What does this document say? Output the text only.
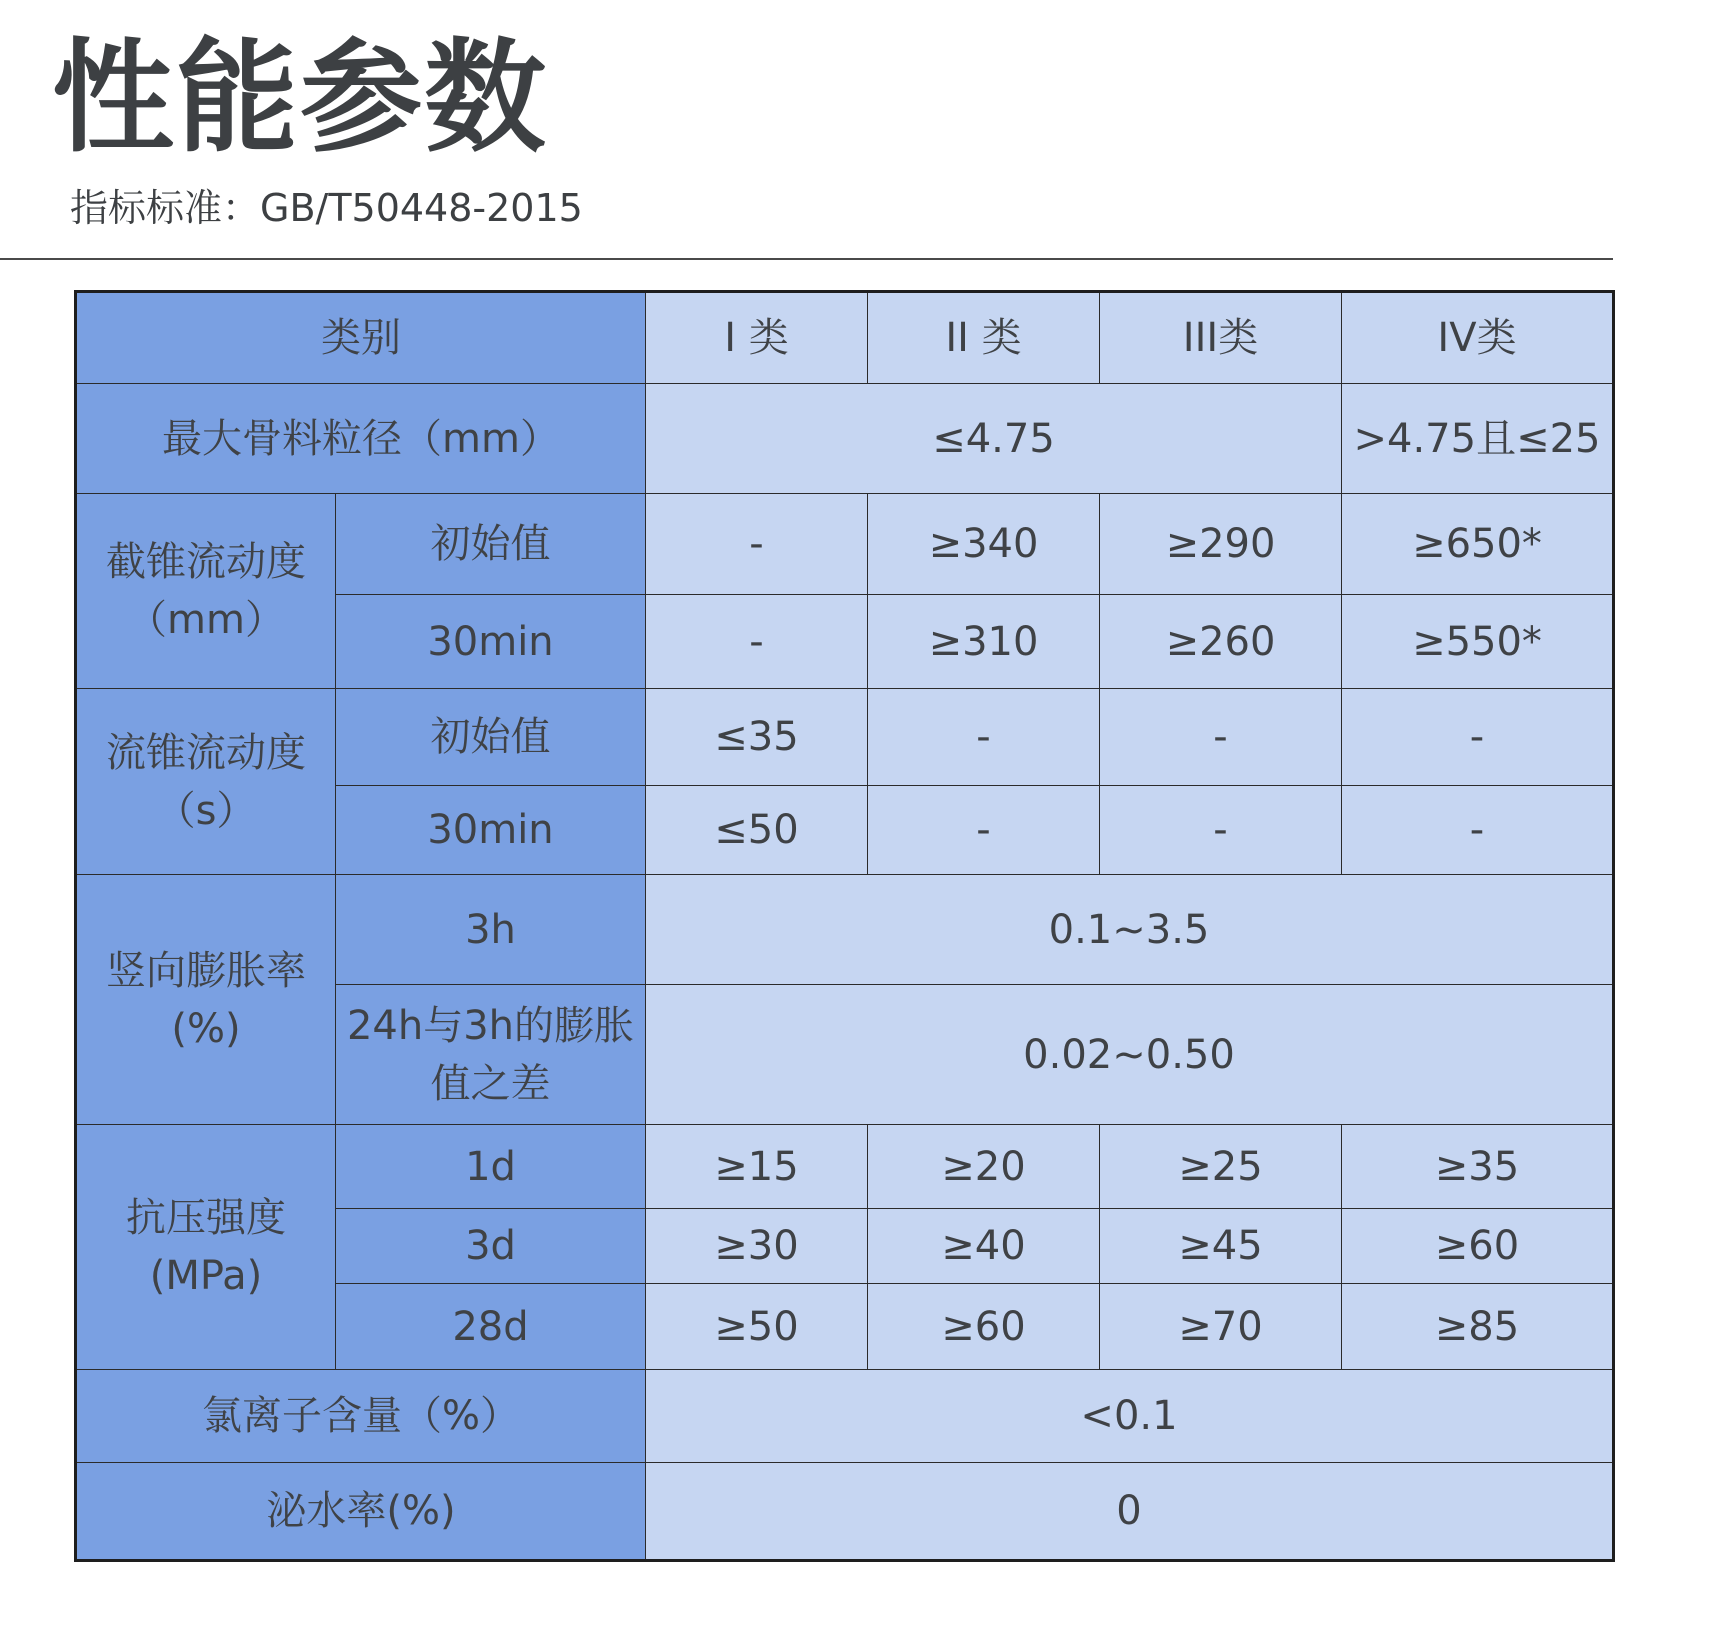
性能参数

指标标准：GB/T50448-2015

类别		I 类	II 类	III类	IV类
最大骨料粒径（mm）		≤4.75			>4.75且≤25

截锥流动度
（mm）	初始值	-	≥340	≥290	≥650*
	30min	-	≥310	≥260	≥550*

流锥流动度
（s）	初始值	≤35	-	-	-
	30min	≤50	-	-	-

竖向膨胀率
(%)	3h	0.1~3.5			

	24h与3h的膨胀
值之差	0.02~0.50			

抗压强度
(MPa)	1d	≥15	≥20	≥25	≥35
	3d	≥30	≥40	≥45	≥60
	28d	≥50	≥60	≥70	≥85
氯离子含量（%）		<0.1			
泌水率(%)		0			
